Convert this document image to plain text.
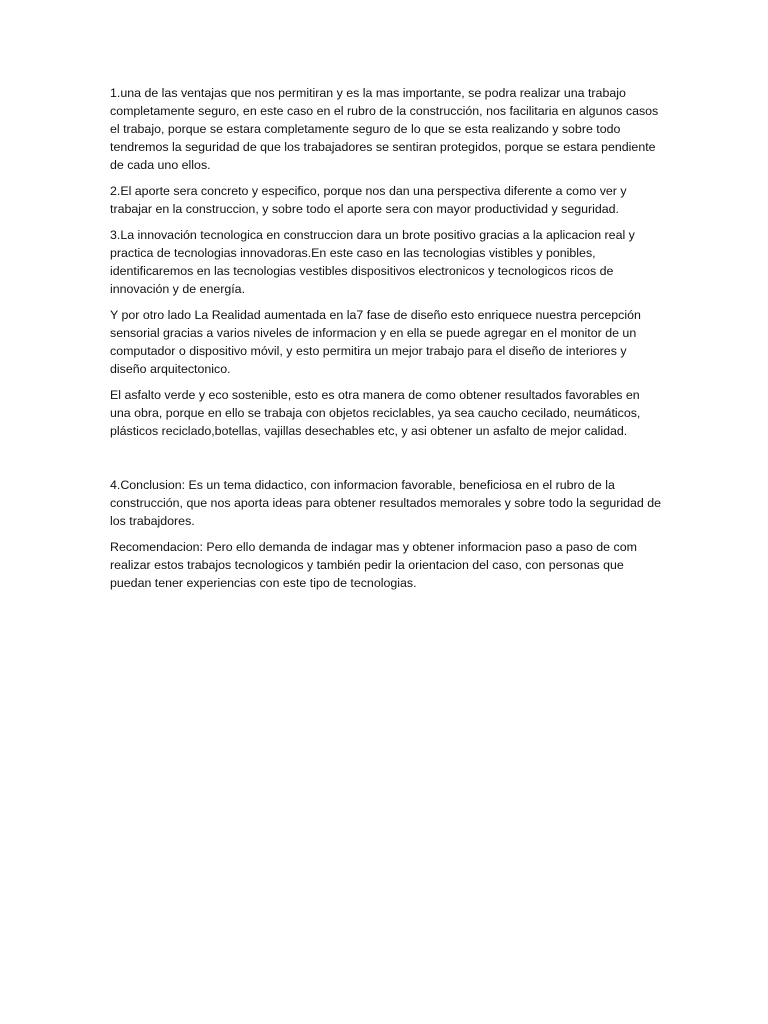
1.una de las ventajas que nos permitiran y es la mas importante, se podra realizar una trabajo completamente seguro, en este caso en el rubro de la construcción, nos facilitaria en algunos casos el trabajo, porque se estara completamente seguro de lo que se esta realizando y sobre todo tendremos la seguridad de que los trabajadores se sentiran protegidos, porque se estara pendiente de cada uno ellos.

2.El aporte sera concreto y especifico, porque nos dan una perspectiva diferente a como ver y trabajar en la construccion, y sobre todo el aporte sera con mayor productividad y seguridad.

3.La innovación tecnologica en construccion dara un brote positivo gracias a la aplicacion real y practica de tecnologias innovadoras.En este caso en las tecnologias vistibles y ponibles, identificaremos en las tecnologias vestibles dispositivos electronicos y tecnologicos ricos de innovación y de energía.

Y por otro lado La Realidad aumentada en la7 fase de diseño esto enriquece nuestra percepción sensorial gracias a varios niveles de informacion y en ella se puede agregar en el monitor de un computador o dispositivo móvil, y esto permitira un mejor trabajo para el diseño de interiores y diseño arquitectonico.

El asfalto verde y eco sostenible, esto es otra manera de como obtener resultados favorables en una obra, porque en ello se trabaja con objetos reciclables, ya sea caucho cecilado, neumáticos, plásticos reciclado,botellas, vajillas desechables etc, y asi obtener un asfalto de mejor calidad.

4.Conclusion: Es un tema didactico, con informacion favorable, beneficiosa en el rubro de la construcción, que nos aporta ideas para obtener resultados memorales y sobre todo la seguridad de los trabajdores.

Recomendacion: Pero ello demanda de indagar mas y obtener informacion paso a paso de com realizar estos trabajos tecnologicos y también pedir la orientacion del caso, con personas que puedan tener experiencias con este tipo de tecnologias.
